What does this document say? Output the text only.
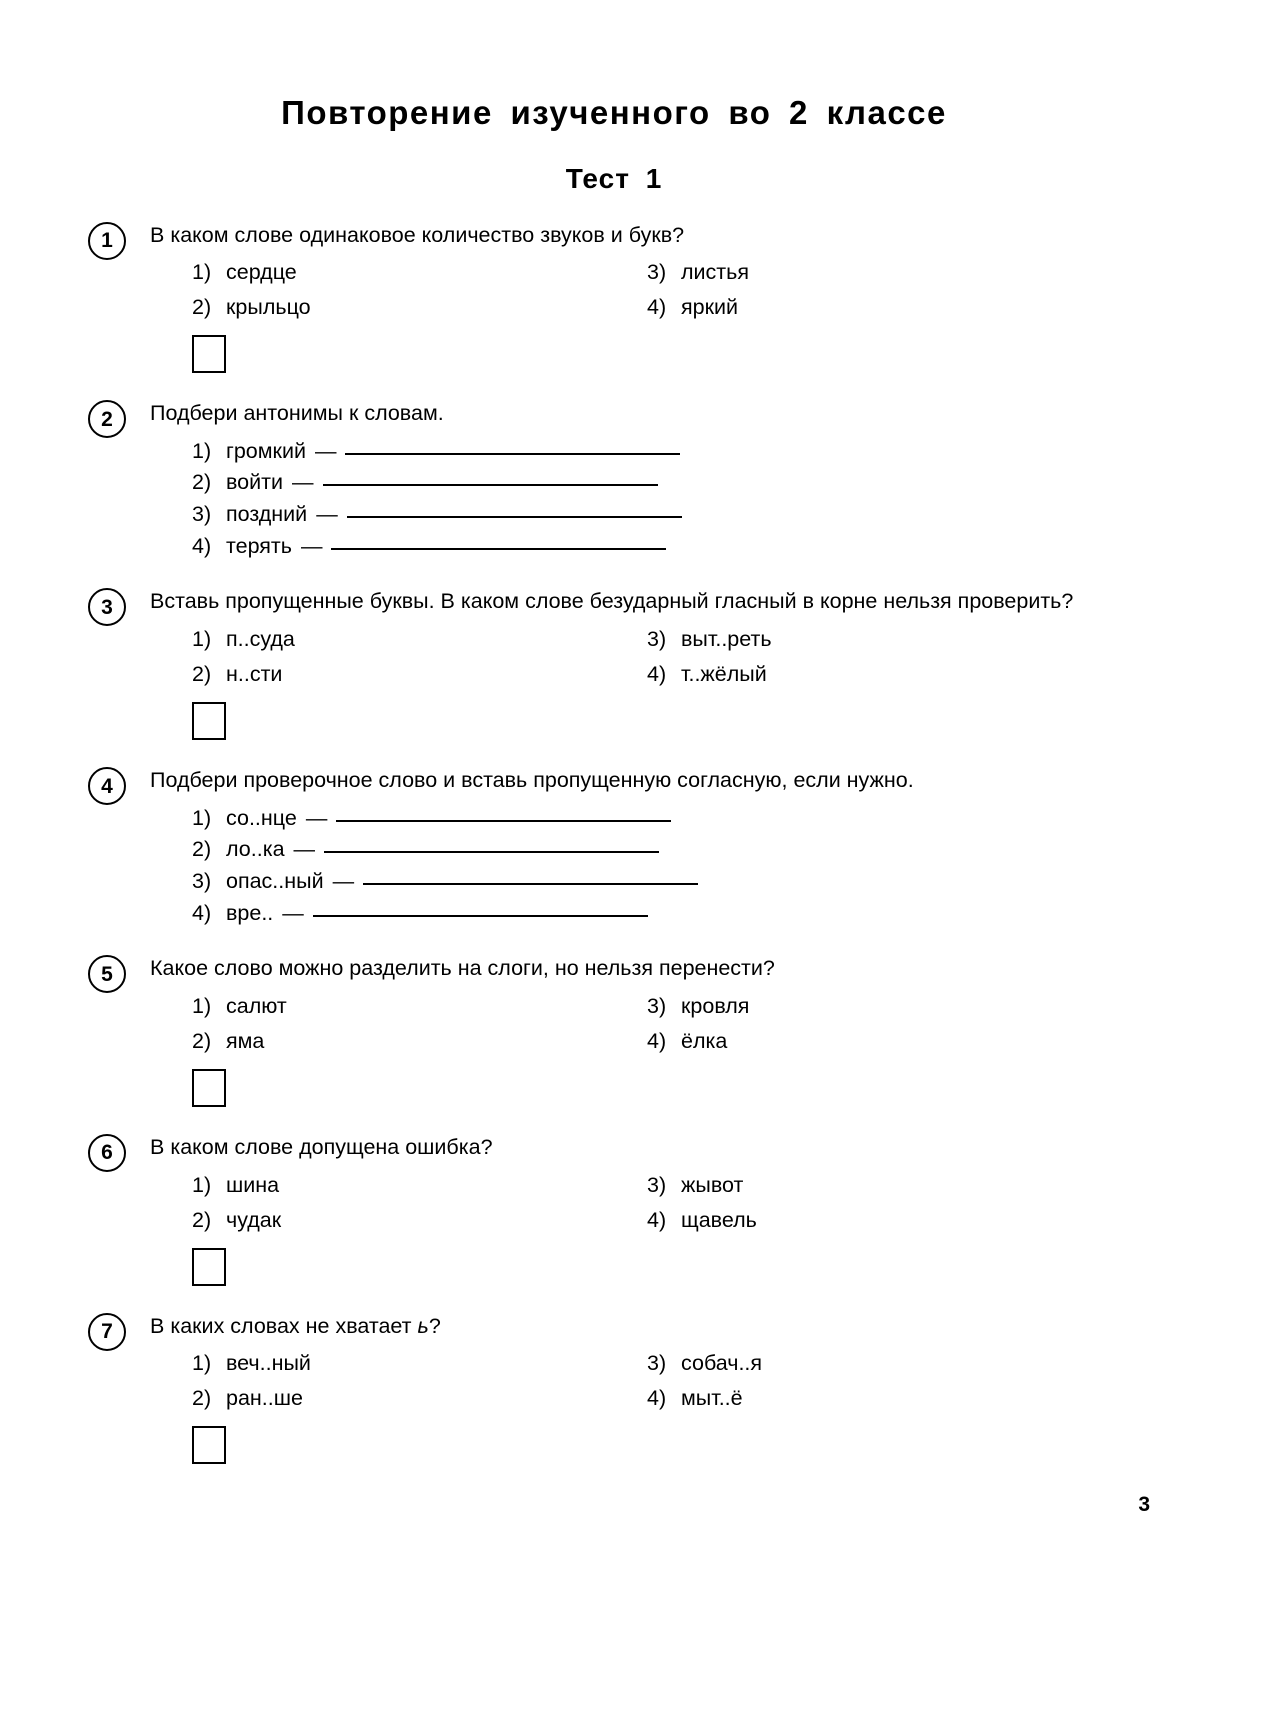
Повторение изученного во 2 классе
Тест 1
1	В каком слове одинаковое количество звуков и букв?

1) сердце	3) листья
2) крыльцо	4) яркий
2	Подбери антонимы к словам.

1) громкий —
2) войти —
3) поздний —
4) терять —
3	Вставь пропущенные буквы. В каком слове безударный гласный в корне нельзя проверить?

1) п..суда	3) выт..реть
2) н..сти	4) т..жёлый
4	Подбери проверочное слово и вставь пропущенную согласную, если нужно.

1) со..нце —
2) ло..ка —
3) опас..ный —
4) вре.. —
5	Какое слово можно разделить на слоги, но нельзя перенести?

1) салют	3) кровля
2) яма	4) ёлка
6	В каком слове допущена ошибка?

1) шина	3) жывот
2) чудак	4) щавель
7	В каких словах не хватает ь?

1) веч..ный	3) собач..я
2) ран..ше	4) мыт..ё
3
